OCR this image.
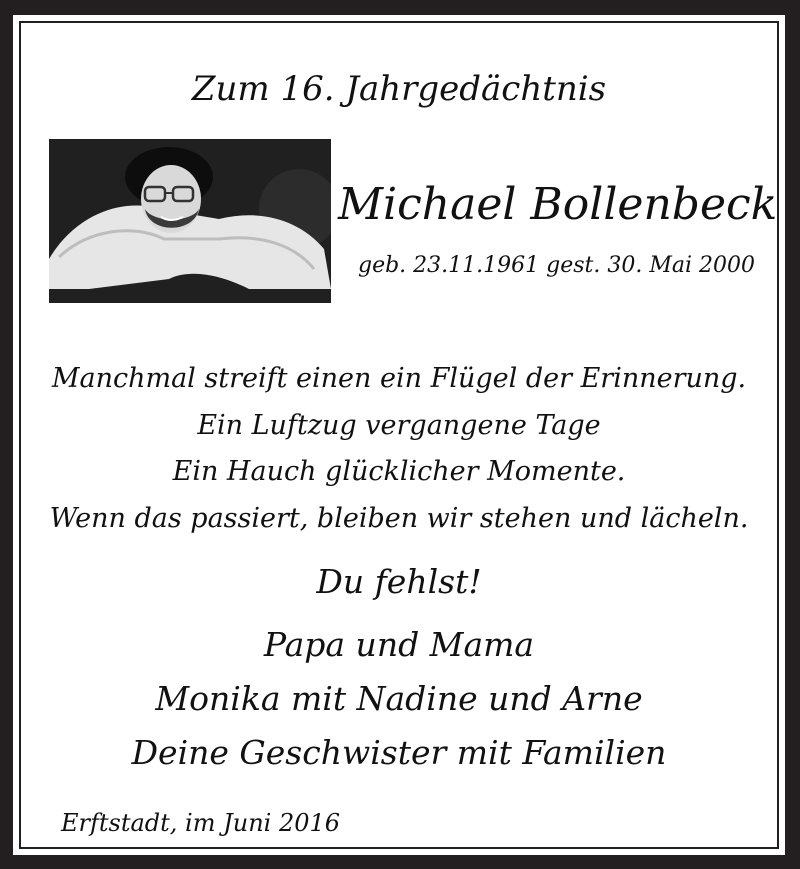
Zum 16. Jahrgedächtnis
Michael Bollenbeck
geb. 23.11.1961 gest. 30. Mai 2000
Manchmal streift einen ein Flügel der Erinnerung.
Ein Luftzug vergangene Tage
Ein Hauch glücklicher Momente.
Wenn das passiert, bleiben wir stehen und lächeln.
Du fehlst!
Papa und Mama
Monika mit Nadine und Arne
Deine Geschwister mit Familien
Erftstadt, im Juni 2016
